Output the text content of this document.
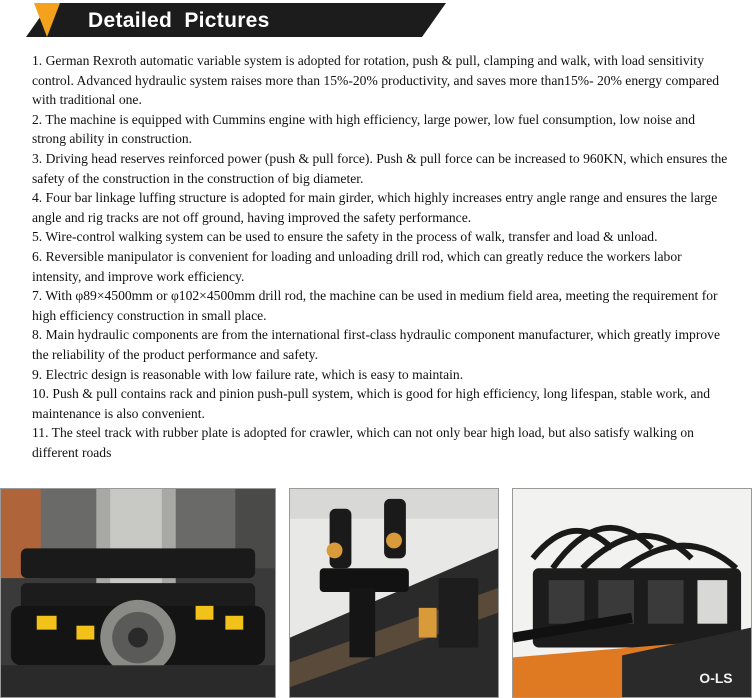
Detailed  Pictures

1. German Rexroth automatic variable system is adopted for rotation, push & pull, clamping and walk, with load sensitivity control. Advanced hydraulic system raises more than 15%-20% productivity, and saves more than15%- 20% energy compared with traditional one.

2. The machine is equipped with Cummins engine with high efficiency, large power, low fuel consumption, low noise and strong ability in construction.

3. Driving head reserves reinforced power (push & pull force). Push & pull force can be increased to 960KN, which ensures the safety of the construction in the construction of big diameter.

4. Four bar linkage luffing structure is adopted for main girder, which highly increases entry angle range and ensures the large angle and rig tracks are not off ground, having improved the safety performance.

5. Wire-control walking system can be used to ensure the safety in the process of walk, transfer and load & unload.

6. Reversible manipulator is convenient for loading and unloading drill rod, which can greatly reduce the workers labor intensity, and improve work efficiency.

7. With φ89×4500mm or φ102×4500mm drill rod, the machine can be used in medium field area, meeting the requirement for high efficiency construction in small place.

8. Main hydraulic components are from the international first-class hydraulic component manufacturer, which greatly improve the reliability of the product performance and safety.

9. Electric design is reasonable with low failure rate, which is easy to maintain.

10. Push & pull contains rack and pinion push-pull system, which is good for high efficiency, long lifespan, stable work, and maintenance is also convenient.

11. The steel track with rubber plate is adopted for crawler, which can not only bear high load, but also satisfy walking on different roads

O-LS
